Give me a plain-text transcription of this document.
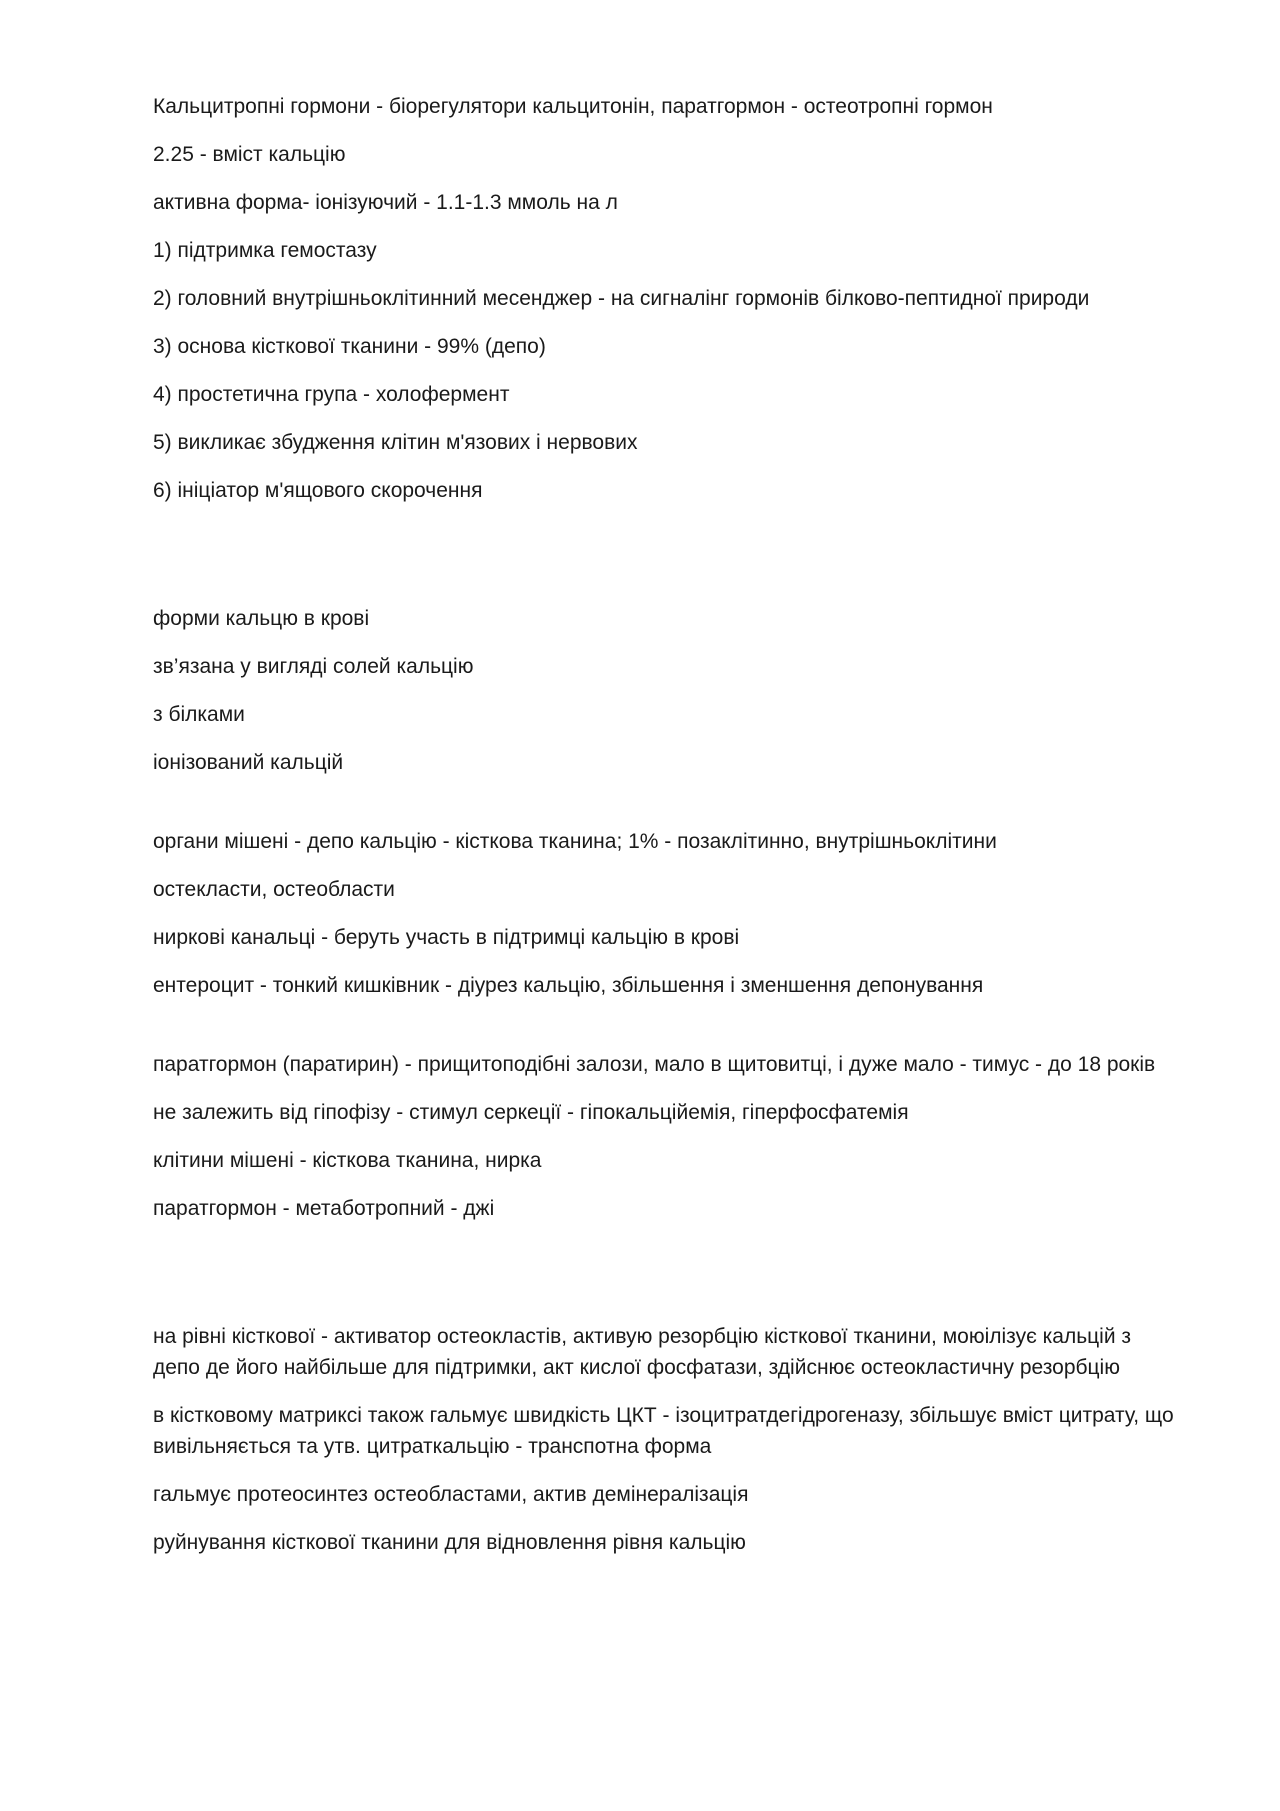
Кальцитропні гормони - біорегулятори кальцитонін, паратгормон - остеотропні гормон

2.25 - вміст кальцію

активна форма- іонізуючий - 1.1-1.3 ммоль на л

1) підтримка гемостазу

2) головний внутрішньоклітинний месенджер - на сигналінг гормонів білково-пептидної природи

3) основа кісткової тканини - 99% (депо)

4) простетична група - холофермент

5) викликає збудження клітин м'язових і нервових

6) ініціатор м'ящового скорочення

форми кальцю в крові

зв’язана у вигляді солей кальцію

з білками

іонізований кальцій

органи мішені - депо кальцію - кісткова тканина; 1% - позаклітинно, внутрішньоклітини

остекласти, остеобласти

ниркові канальці - беруть участь в підтримці кальцію в крові

ентероцит - тонкий кишківник - діурез кальцію, збільшення і зменшення депонування

паратгормон (паратирин) - прищитоподібні залози, мало в щитовитці, і дуже мало - тимус - до 18 років

не залежить від гіпофізу - стимул серкеції - гіпокальційемія, гіперфосфатемія

клітини мішені - кісткова тканина, нирка

паратгормон - метаботропний - джі

на рівні кісткової - активатор остеокластів, активую резорбцію кісткової тканини, моюілізує кальцій з депо де його найбільше для підтримки, акт кислої фосфатази, здійснює остеокластичну резорбцію

в кістковому матриксі також гальмує швидкість ЦКТ - ізоцитратдегідрогеназу, збільшує вміст цитрату, що вивільняється та утв. цитраткальцію - транспотна форма

гальмує протеосинтез остеобластами, актив демінералізація

руйнування кісткової тканини для відновлення рівня кальцію
